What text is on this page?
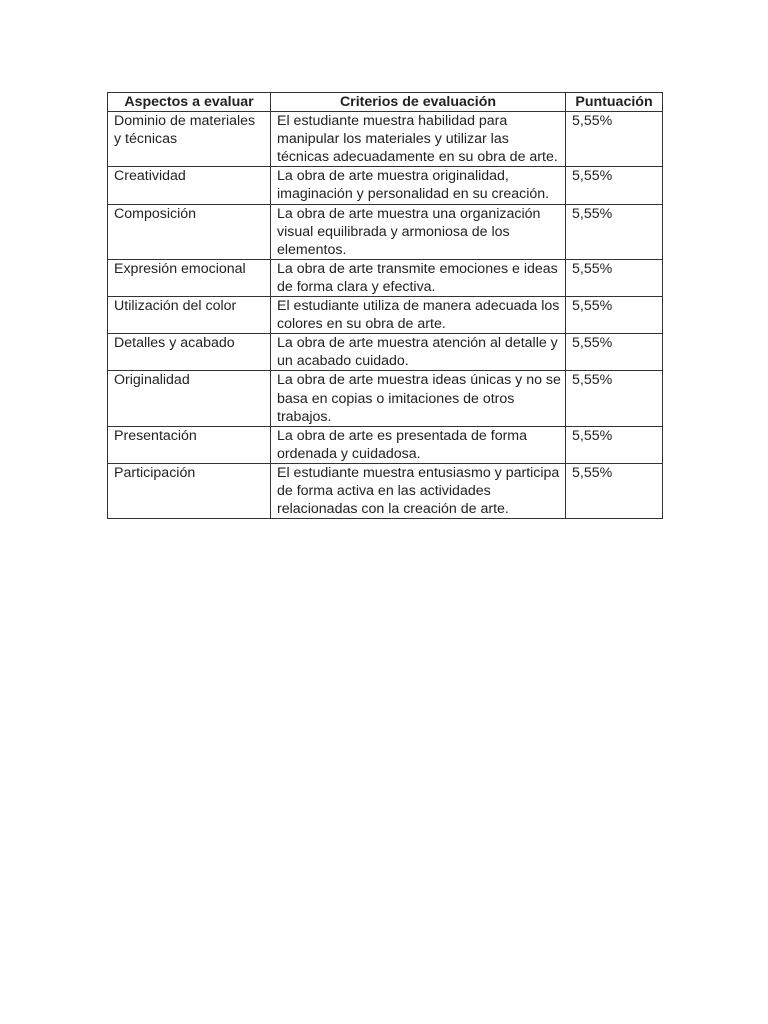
Aspectos a evaluar	Criterios de evaluación	Puntuación
Dominio de materiales y técnicas	El estudiante muestra habilidad para manipular los materiales y utilizar las técnicas adecuadamente en su obra de arte.	5,55%
Creatividad	La obra de arte muestra originalidad, imaginación y personalidad en su creación.	5,55%
Composición	La obra de arte muestra una organización visual equilibrada y armoniosa de los elementos.	5,55%
Expresión emocional	La obra de arte transmite emociones e ideas de forma clara y efectiva.	5,55%
Utilización del color	El estudiante utiliza de manera adecuada los colores en su obra de arte.	5,55%
Detalles y acabado	La obra de arte muestra atención al detalle y un acabado cuidado.	5,55%
Originalidad	La obra de arte muestra ideas únicas y no se basa en copias o imitaciones de otros trabajos.	5,55%
Presentación	La obra de arte es presentada de forma ordenada y cuidadosa.	5,55%
Participación	El estudiante muestra entusiasmo y participa de forma activa en las actividades relacionadas con la creación de arte.	5,55%
